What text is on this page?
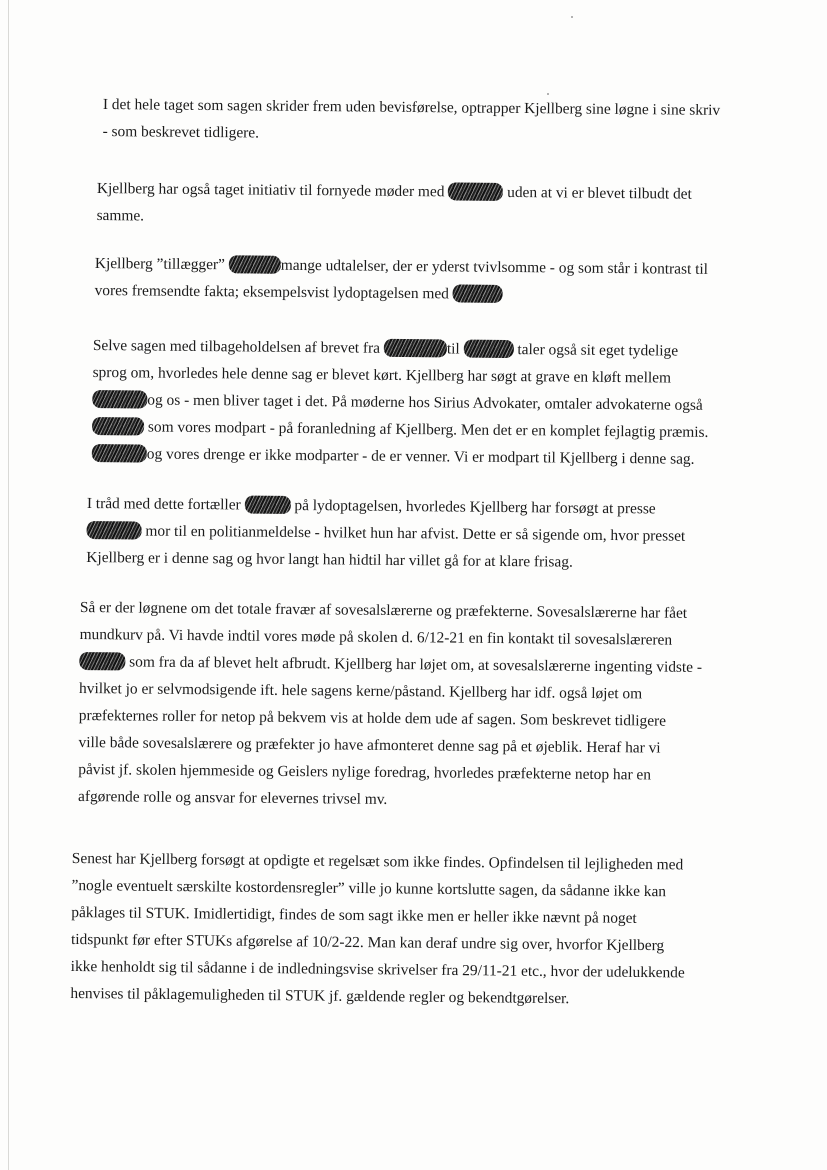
I det hele taget som sagen skrider frem uden bevisførelse, optrapper Kjellberg sine løgne i sine skriv
- som beskrevet tidligere.

Kjellberg har også taget initiativ til fornyede møder med	uden at vi er blevet tilbudt det
samme.

Kjellberg ”tillægger”	mange udtalelser, der er yderst tvivlsomme - og som står i kontrast til
vores fremsendte fakta; eksempelsvist lydoptagelsen med

Selve sagen med tilbageholdelsen af brevet fra	til	taler også sit eget tydelige
sprog om, hvorledes hele denne sag er blevet kørt. Kjellberg har søgt at grave en kløft mellem
og os - men bliver taget i det. På møderne hos Sirius Advokater, omtaler advokaterne også
som vores modpart - på foranledning af Kjellberg. Men det er en komplet fejlagtig præmis.
og vores drenge er ikke modparter - de er venner. Vi er modpart til Kjellberg i denne sag.

I tråd med dette fortæller	på lydoptagelsen, hvorledes Kjellberg har forsøgt at presse
mor til en politianmeldelse - hvilket hun har afvist. Dette er så sigende om, hvor presset
Kjellberg er i denne sag og hvor langt han hidtil har villet gå for at klare frisag.

Så er der løgnene om det totale fravær af sovesalslærerne og præfekterne. Sovesalslærerne har fået
mundkurv på. Vi havde indtil vores møde på skolen d. 6/12-21 en fin kontakt til sovesalslæreren
som fra da af blevet helt afbrudt. Kjellberg har løjet om, at sovesalslærerne ingenting vidste -
hvilket jo er selvmodsigende ift. hele sagens kerne/påstand. Kjellberg har idf. også løjet om
præfekternes roller for netop på bekvem vis at holde dem ude af sagen. Som beskrevet tidligere
ville både sovesalslærere og præfekter jo have afmonteret denne sag på et øjeblik. Heraf har vi
påvist jf. skolen hjemmeside og Geislers nylige foredrag, hvorledes præfekterne netop har en
afgørende rolle og ansvar for elevernes trivsel mv.

Senest har Kjellberg forsøgt at opdigte et regelsæt som ikke findes. Opfindelsen til lejligheden med
”nogle eventuelt særskilte kostordensregler” ville jo kunne kortslutte sagen, da sådanne ikke kan
påklages til STUK. Imidlertidigt, findes de som sagt ikke men er heller ikke nævnt på noget
tidspunkt før efter STUKs afgørelse af 10/2-22. Man kan deraf undre sig over, hvorfor Kjellberg
ikke henholdt sig til sådanne i de indledningsvise skrivelser fra 29/11-21 etc., hvor der udelukkende
henvises til påklagemuligheden til STUK jf. gældende regler og bekendtgørelser.
